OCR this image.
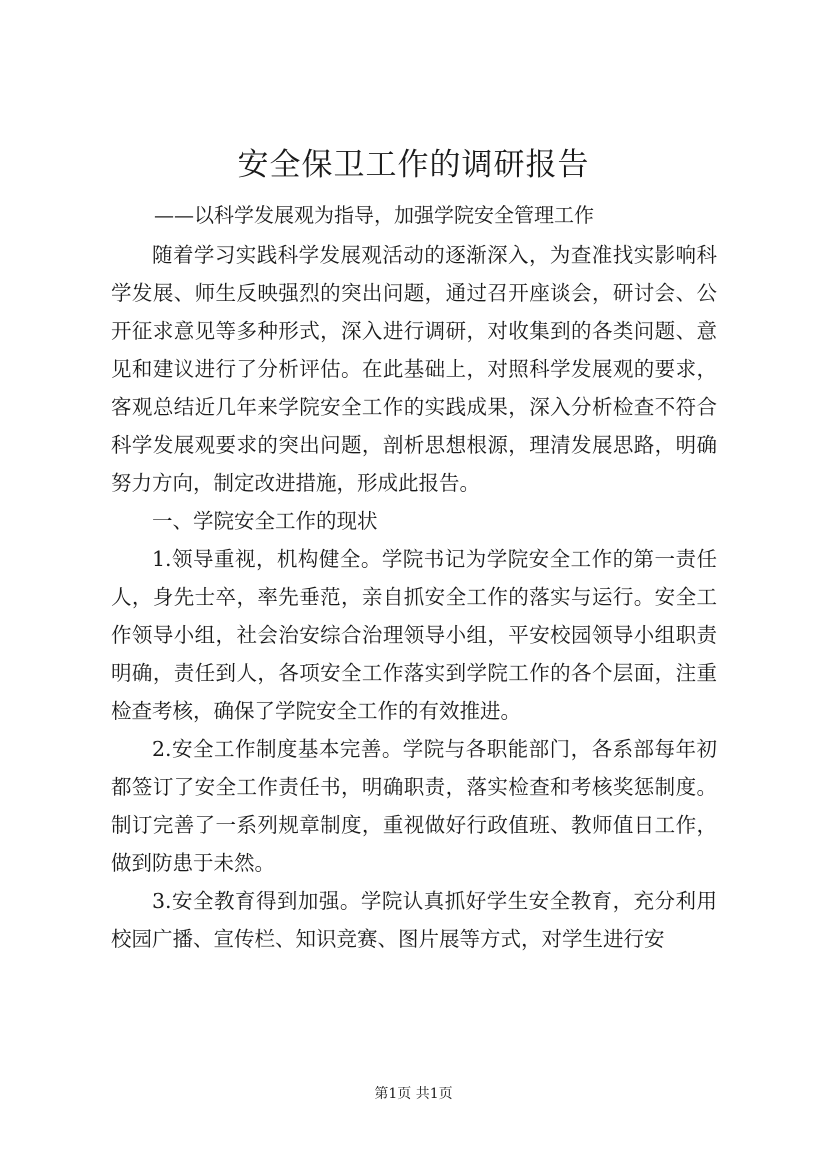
安全保卫工作的调研报告
——以科学发展观为指导，加强学院安全管理工作

随着学习实践科学发展观活动的逐渐深入，为查准找实影响科学发展、师生反映强烈的突出问题，通过召开座谈会，研讨会、公开征求意见等多种形式，深入进行调研，对收集到的各类问题、意见和建议进行了分析评估。在此基础上，对照科学发展观的要求，客观总结近几年来学院安全工作的实践成果，深入分析检查不符合科学发展观要求的突出问题，剖析思想根源，理清发展思路，明确努力方向，制定改进措施，形成此报告。

一、学院安全工作的现状

1.领导重视，机构健全。学院书记为学院安全工作的第一责任人，身先士卒，率先垂范，亲自抓安全工作的落实与运行。安全工作领导小组，社会治安综合治理领导小组，平安校园领导小组职责明确，责任到人，各项安全工作落实到学院工作的各个层面，注重检查考核，确保了学院安全工作的有效推进。

2.安全工作制度基本完善。学院与各职能部门，各系部每年初都签订了安全工作责任书，明确职责，落实检查和考核奖惩制度。制订完善了一系列规章制度，重视做好行政值班、教师值日工作，做到防患于未然。

3.安全教育得到加强。学院认真抓好学生安全教育，充分利用校园广播、宣传栏、知识竞赛、图片展等方式，对学生进行安

第1页 共1页
